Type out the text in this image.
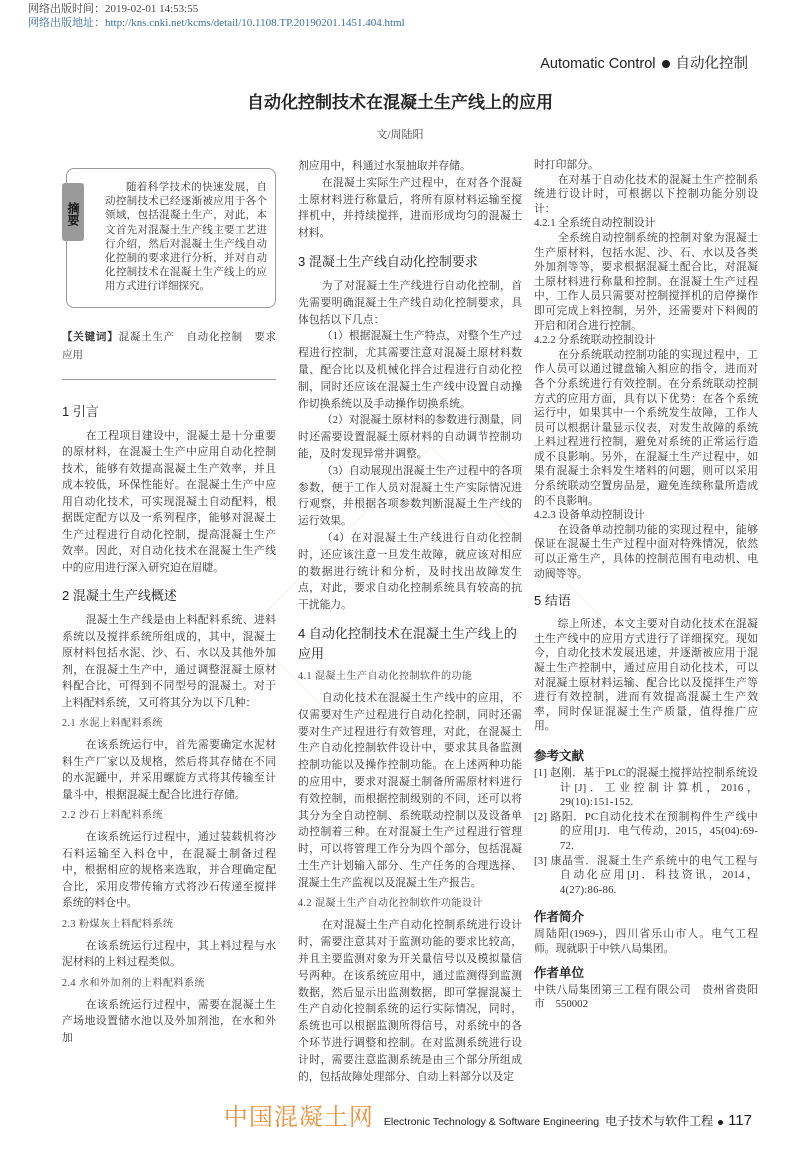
网络出版时间：2019-02-01 14:53:55
网络出版地址：http://kns.cnki.net/kcms/detail/10.1108.TP.20190201.1451.404.html
Automatic Control 自动化控制
自动化控制技术在混凝土生产线上的应用
文/周陆阳
摘要

随着科学技术的快速发展，自动控制技术已经逐渐被应用于各个领域，包括混凝土生产，对此，本文首先对混凝土生产线主要工艺进行介绍，然后对混凝土生产线自动化控制的要求进行分析，并对自动化控制技术在混凝土生产线上的应用方式进行详细探究。

【关键词】混凝土生产　自动化控制　要求　应用
1 引言

在工程项目建设中，混凝土是十分重要的原材料，在混凝土生产中应用自动化控制技术，能够有效提高混凝土生产效率，并且成本较低，环保性能好。在混凝土生产中应用自动化技术，可实现混凝土自动配料，根据既定配方以及一系列程序，能够对混凝土生产过程进行自动化控制，提高混凝土生产效率。因此，对自动化技术在混凝土生产线中的应用进行深入研究迫在眉睫。

2 混凝土生产线概述

混凝土生产线是由上料配料系统、进料系统以及搅拌系统所组成的，其中，混凝土原材料包括水泥、沙、石、水以及其他外加剂，在混凝土生产中，通过调整混凝土原材料配合比，可得到不同型号的混凝土。对于上料配料系统，又可将其分为以下几种：

2.1 水泥上料配料系统

在该系统运行中，首先需要确定水泥材料生产厂家以及规格，然后将其存储在不同的水泥罐中，并采用螺旋方式将其传输至计量斗中，根据混凝土配合比进行存储。

2.2 沙石上料配料系统

在该系统运行过程中，通过装载机将沙石料运输至入料仓中，在混凝土制备过程中，根据相应的规格来选取，并合理确定配合比，采用皮带传输方式将沙石传递至搅拌系统的料仓中。

2.3 粉煤灰上料配料系统

在该系统运行过程中，其上料过程与水泥材料的上料过程类似。

2.4 水和外加剂的上料配料系统

在该系统运行过程中，需要在混凝土生产场地设置储水池以及外加剂池，在水和外加

剂应用中，科通过水泵抽取并存储。

在混凝土实际生产过程中，在对各个混凝土原材料进行称量后，将所有原材料运输至搅拌机中，并持续搅拌，进而形成均匀的混凝土材料。

3 混凝土生产线自动化控制要求

为了对混凝土生产线进行自动化控制，首先需要明确混凝土生产线自动化控制要求，具体包括以下几点：

（1）根据混凝土生产特点，对整个生产过程进行控制，尤其需要注意对混凝土原材料数量、配合比以及机械化拌合过程进行自动化控制，同时还应该在混凝土生产线中设置自动操作切换系统以及手动操作切换系统。

（2）对混凝土原材料的参数进行测量，同时还需要设置混凝土原材料的自动调节控制功能，及时发现异常并调整。

（3）自动展现出混凝土生产过程中的各项参数，便于工作人员对混凝土生产实际情况进行观察，并根据各项参数判断混凝土生产线的运行效果。

（4）在对混凝土生产线进行自动化控制时，还应该注意一旦发生故障，就应该对相应的数据进行统计和分析，及时找出故障发生点，对此，要求自动化控制系统具有较高的抗干扰能力。

4 自动化控制技术在混凝土生产线上的应用
4.1 混凝土生产自动化控制软件的功能

自动化技术在混凝土生产线中的应用，不仅需要对生产过程进行自动化控制，同时还需要对生产过程进行有效管理，对此，在混凝土生产自动化控制软件设计中，要求其具备监测控制功能以及操作控制功能。在上述两种功能的应用中，要求对混凝土制备所需原材料进行有效控制，而根据控制级别的不同，还可以将其分为全自动控制、系统联动控制以及设备单动控制着三种。在对混凝土生产过程进行管理时，可以将管理工作分为四个部分，包括混凝土生产计划输入部分、生产任务的合理选择、混凝土生产监视以及混凝土生产报告。

4.2 混凝土生产自动化控制软件功能设计

在对混凝土生产自动化控制系统进行设计时，需要注意其对于监测功能的要求比较高，并且主要监测对象为开关量信号以及模拟量信号两种。在该系统应用中，通过监测得到监测数据，然后显示出监测数据，即可掌握混凝土生产自动化控制系统的运行实际情况，同时，系统也可以根据监测所得信号，对系统中的各个环节进行调整和控制。在对监测系统进行设计时，需要注意监测系统是由三个部分所组成的，包括故障处理部分、自动上料部分以及定

时打印部分。

在对基于自动化技术的混凝土生产控制系统进行设计时，可根据以下控制功能分别设计：

4.2.1 全系统自动控制设计

全系统自动控制系统的控制对象为混凝土生产原材料，包括水泥、沙、石、水以及各类外加剂等等，要求根据混凝土配合比，对混凝土原材料进行称量和控制。在混凝土生产过程中，工作人员只需要对控制搅拌机的启停操作即可完成上料控制，另外，还需要对下料阀的开启和闭合进行控制。

4.2.2 分系统联动控制设计

在分系统联动控制功能的实现过程中，工作人员可以通过键盘输入相应的指令，进而对各个分系统进行有效控制。在分系统联动控制方式的应用方面，具有以下优势：在各个系统运行中，如果其中一个系统发生故障，工作人员可以根据计量显示仪表，对发生故障的系统上料过程进行控制，避免对系统的正常运行造成不良影响。另外，在混凝土生产过程中，如果有混凝土余料发生堵料的问题，则可以采用分系统联动空置房品是，避免连续称量所造成的不良影响。

4.2.3 设备单动控制设计

在设备单动控制功能的实现过程中，能够保证在混凝土生产过程中面对特殊情况，依然可以正常生产，具体的控制范围有电动机、电动阀等等。

5 结语

综上所述，本文主要对自动化技术在混凝土生产线中的应用方式进行了详细探究。现如今，自动化技术发展迅速，并逐渐被应用于混凝土生产控制中，通过应用自动化技术，可以对混凝土原材料运输、配合比以及搅拌生产等进行有效控制，进而有效提高混凝土生产效率，同时保证混凝土生产质量，值得推广应用。

参考文献

[1] 赵刚．基于PLC的混凝土搅拌站控制系统设计[J]．工业控制计算机，2016，29(10):151-152.

[2] 路阳．PC自动化技术在预制构件生产线中的应用[J]．电气传动，2015，45(04):69-72.

[3] 康晶雪．混凝土生产系统中的电气工程与自动化应用[J]．科技资讯，2014，4(27):86-86.

作者简介

周陆阳(1969-)，四川省乐山市人。电气工程师。现就职于中铁八局集团。

作者单位

中铁八局集团第三工程有限公司　贵州省贵阳市　550002

中国混凝土网 Electronic Technology & Software Engineering 电子技术与软件工程 117
